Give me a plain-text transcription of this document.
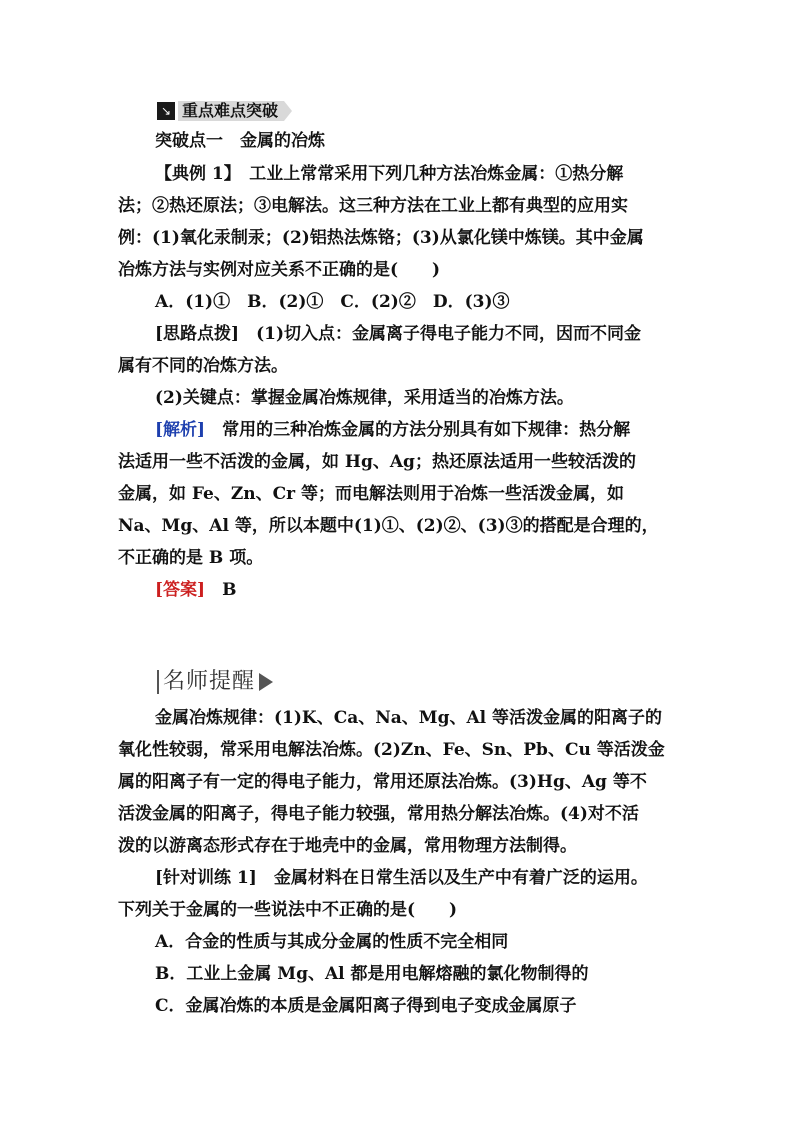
↘ 重点难点突破
突破点一　金属的冶炼
【典例 1】　工业上常常采用下列几种方法冶炼金属：①热分解
法；②热还原法；③电解法。这三种方法在工业上都有典型的应用实
例：(1)氧化汞制汞；(2)铝热法炼铬；(3)从氯化镁中炼镁。其中金属
冶炼方法与实例对应关系不正确的是(　　)
A．(1)①　B．(2)①　C．(2)②　D．(3)③
[思路点拨]　(1)切入点：金属离子得电子能力不同，因而不同金
属有不同的冶炼方法。
(2)关键点：掌握金属冶炼规律，采用适当的冶炼方法。
[解析]　常用的三种冶炼金属的方法分别具有如下规律：热分解
法适用一些不活泼的金属，如 Hg、Ag；热还原法适用一些较活泼的
金属，如 Fe、Zn、Cr 等；而电解法则用于冶炼一些活泼金属，如
Na、Mg、Al 等，所以本题中(1)①、(2)②、(3)③的搭配是合理的，
不正确的是 B 项。
[答案]　B
名师提醒
金属冶炼规律：(1)K、Ca、Na、Mg、Al 等活泼金属的阳离子的
氧化性较弱，常采用电解法冶炼。(2)Zn、Fe、Sn、Pb、Cu 等活泼金
属的阳离子有一定的得电子能力，常用还原法冶炼。(3)Hg、Ag 等不
活泼金属的阳离子，得电子能力较强，常用热分解法冶炼。(4)对不活
泼的以游离态形式存在于地壳中的金属，常用物理方法制得。
[针对训练 1]　金属材料在日常生活以及生产中有着广泛的运用。
下列关于金属的一些说法中不正确的是(　　)
A．合金的性质与其成分金属的性质不完全相同
B．工业上金属 Mg、Al 都是用电解熔融的氯化物制得的
C．金属冶炼的本质是金属阳离子得到电子变成金属原子
